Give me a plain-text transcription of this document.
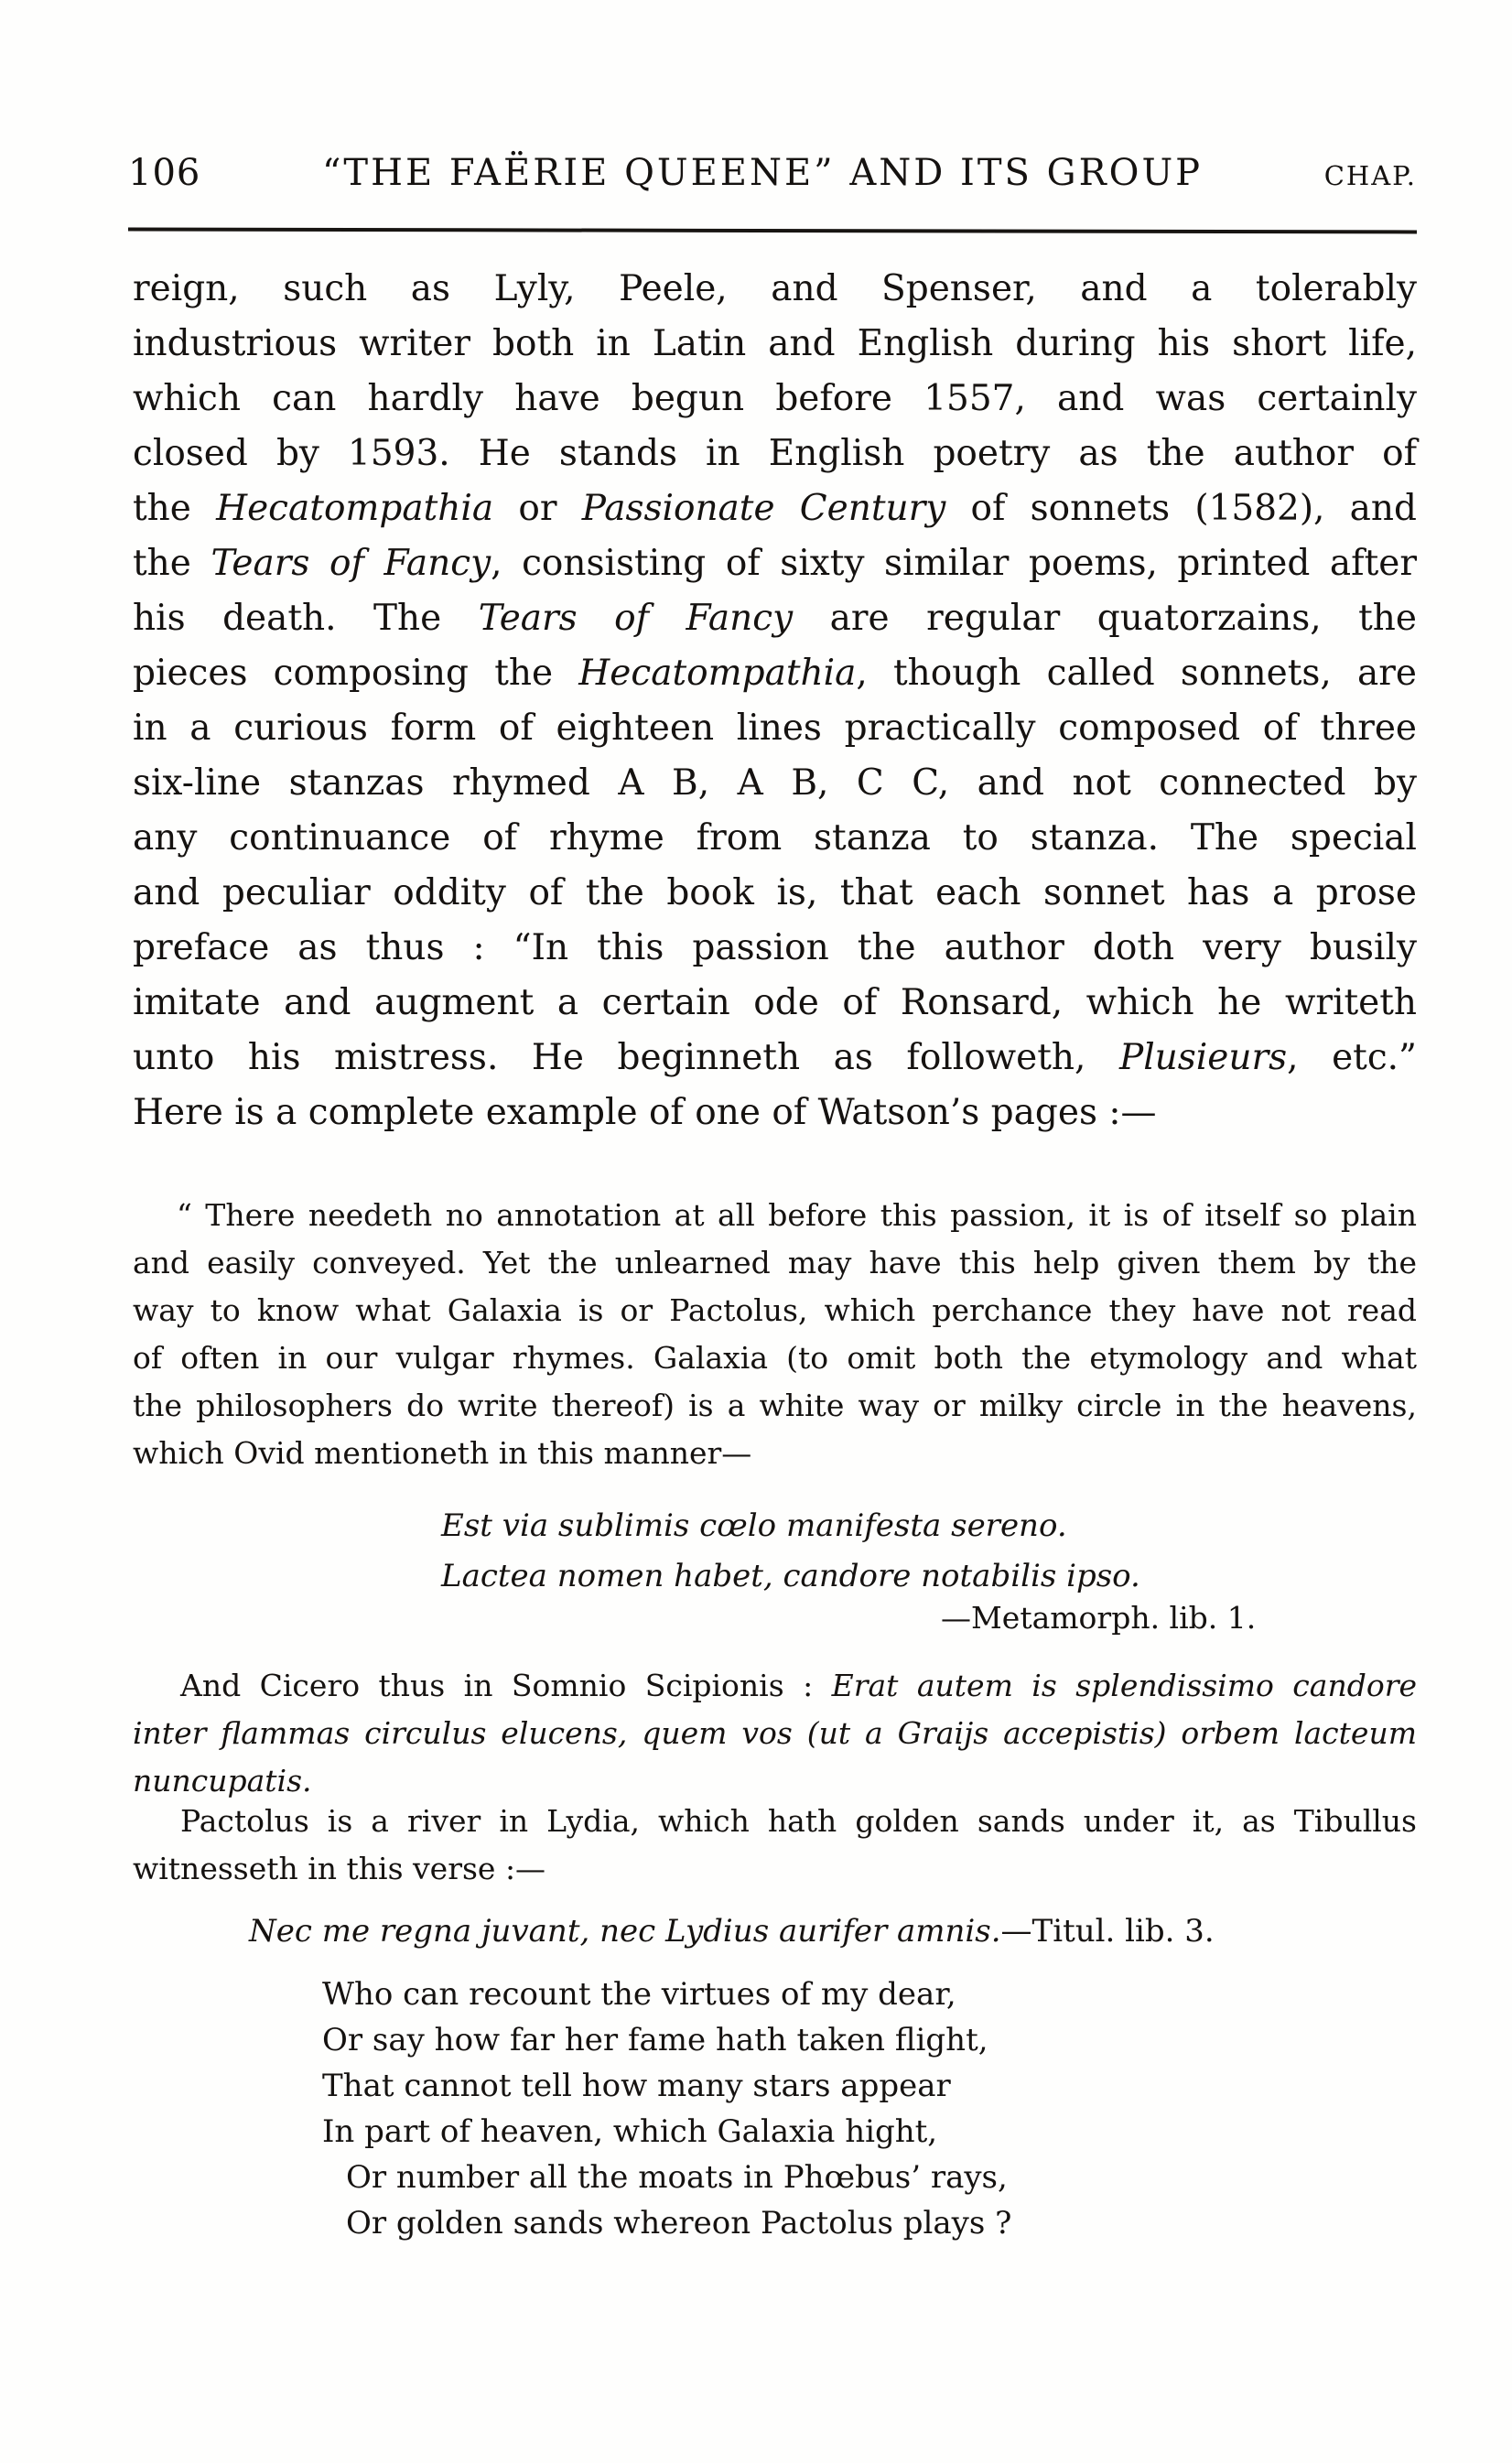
106	“THE FAËRIE QUEENE” AND ITS GROUP	CHAP.
reign, such as Lyly, Peele, and Spenser, and a tolerably
industrious writer both in Latin and English during his short life,
which can hardly have begun before 1557, and was certainly
closed by 1593. He stands in English poetry as the author of
the Hecatompathia or Passionate Century of sonnets (1582), and
the Tears of Fancy, consisting of sixty similar poems, printed after
his death. The Tears of Fancy are regular quatorzains, the
pieces composing the Hecatompathia, though called sonnets, are
in a curious form of eighteen lines practically composed of three
six-line stanzas rhymed A B, A B, C C, and not connected by
any continuance of rhyme from stanza to stanza. The special
and peculiar oddity of the book is, that each sonnet has a prose
preface as thus : “In this passion the author doth very busily
imitate and augment a certain ode of Ronsard, which he writeth
unto his mistress. He beginneth as followeth, Plusieurs, etc.”
Here is a complete example of one of Watson’s pages :—
“ There needeth no annotation at all before this passion, it is of itself so plain
and easily conveyed. Yet the unlearned may have this help given them by the
way to know what Galaxia is or Pactolus, which perchance they have not read
of often in our vulgar rhymes. Galaxia (to omit both the etymology and what
the philosophers do write thereof) is a white way or milky circle in the heavens,
which Ovid mentioneth in this manner—
Est via sublimis cœlo manifesta sereno.
Lactea nomen habet, candore notabilis ipso.
—Metamorph. lib. 1.
And Cicero thus in Somnio Scipionis : Erat autem is splendissimo candore
inter flammas circulus elucens, quem vos (ut a Graijs accepistis) orbem lacteum
nuncupatis.
Pactolus is a river in Lydia, which hath golden sands under it, as Tibullus
witnesseth in this verse :—
Nec me regna juvant, nec Lydius aurifer amnis.—Titul. lib. 3.
Who can recount the virtues of my dear,
Or say how far her fame hath taken flight,
That cannot tell how many stars appear
In part of heaven, which Galaxia hight,
Or number all the moats in Phœbus’ rays,
Or golden sands whereon Pactolus plays ?
